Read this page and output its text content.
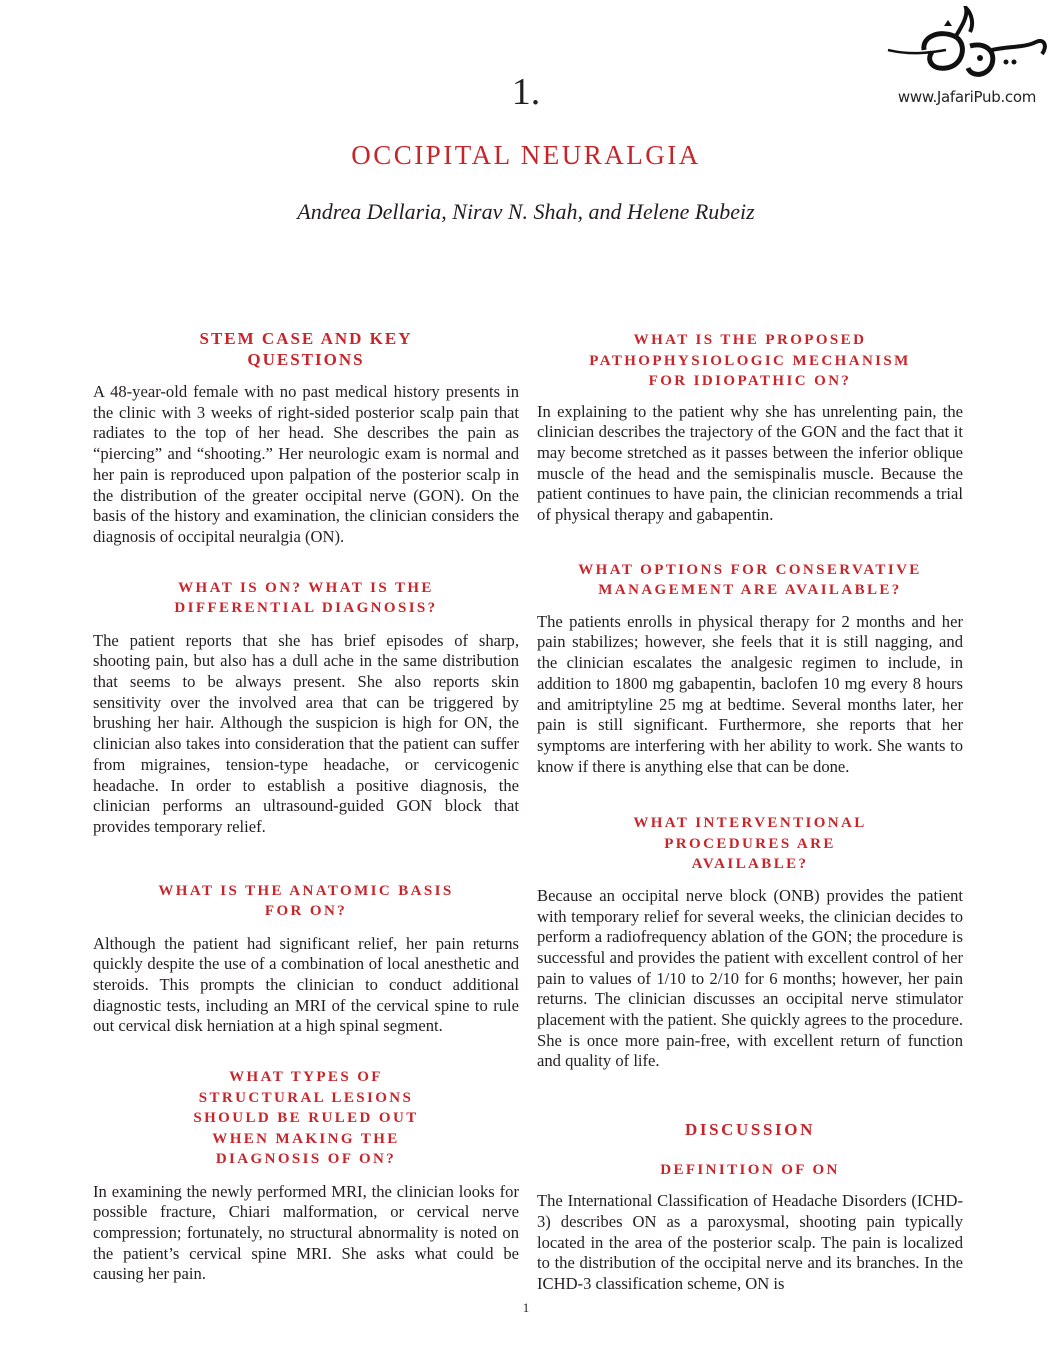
www.JafariPub.com
1.
OCCIPITAL NEURALGIA
Andrea Dellaria, Nirav N. Shah, and Helene Rubeiz
STEM CASE AND KEY QUESTIONS

A 48-year-old female with no past medical history presents in the clinic with 3 weeks of right-sided posterior scalp pain that radiates to the top of her head. She describes the pain as “piercing” and “shooting.” Her neurologic exam is normal and her pain is reproduced upon palpation of the posterior scalp in the distribution of the greater occipital nerve (GON). On the basis of the history and examination, the clinician considers the diagnosis of occipital neuralgia (ON).

WHAT IS ON? WHAT IS THE DIFFERENTIAL DIAGNOSIS?

The patient reports that she has brief episodes of sharp, shooting pain, but also has a dull ache in the same distribution that seems to be always present. She also reports skin sensitivity over the involved area that can be triggered by brushing her hair. Although the suspicion is high for ON, the clinician also takes into consideration that the patient can suffer from migraines, tension-type headache, or cervicogenic headache. In order to establish a positive diagnosis, the clinician performs an ultrasound-guided GON block that provides temporary relief.

WHAT IS THE ANATOMIC BASIS FOR ON?

Although the patient had significant relief, her pain returns quickly despite the use of a combination of local anesthetic and steroids. This prompts the clinician to conduct additional diagnostic tests, including an MRI of the cervical spine to rule out cervical disk herniation at a high spinal segment.

WHAT TYPES OF STRUCTURAL LESIONS SHOULD BE RULED OUT WHEN MAKING THE DIAGNOSIS OF ON?

In examining the newly performed MRI, the clinician looks for possible fracture, Chiari malformation, or cervical nerve compression; fortunately, no structural abnormality is noted on the patient’s cervical spine MRI. She asks what could be causing her pain.

WHAT IS THE PROPOSED PATHOPHYSIOLOGIC MECHANISM FOR IDIOPATHIC ON?

In explaining to the patient why she has unrelenting pain, the clinician describes the trajectory of the GON and the fact that it may become stretched as it passes between the inferior oblique muscle of the head and the semispinalis muscle. Because the patient continues to have pain, the clinician recommends a trial of physical therapy and gabapentin.

WHAT OPTIONS FOR CONSERVATIVE MANAGEMENT ARE AVAILABLE?

The patients enrolls in physical therapy for 2 months and her pain stabilizes; however, she feels that it is still nagging, and the clinician escalates the analgesic regimen to include, in addition to 1800 mg gabapentin, baclofen 10 mg every 8 hours and amitriptyline 25 mg at bedtime. Several months later, her pain is still significant. Furthermore, she reports that her symptoms are interfering with her ability to work. She wants to know if there is anything else that can be done.

WHAT INTERVENTIONAL PROCEDURES ARE AVAILABLE?

Because an occipital nerve block (ONB) provides the patient with temporary relief for several weeks, the clinician decides to perform a radiofrequency ablation of the GON; the procedure is successful and provides the patient with excellent control of her pain to values of 1/10 to 2/10 for 6 months; however, her pain returns. The clinician discusses an occipital nerve stimulator placement with the patient. She quickly agrees to the procedure. She is once more pain-free, with excellent return of function and quality of life.

DISCUSSION
DEFINITION OF ON

The International Classification of Headache Disorders (ICHD-3) describes ON as a paroxysmal, shooting pain typically located in the area of the posterior scalp. The pain is localized to the distribution of the occipital nerve and its branches. In the ICHD-3 classification scheme, ON is

1
